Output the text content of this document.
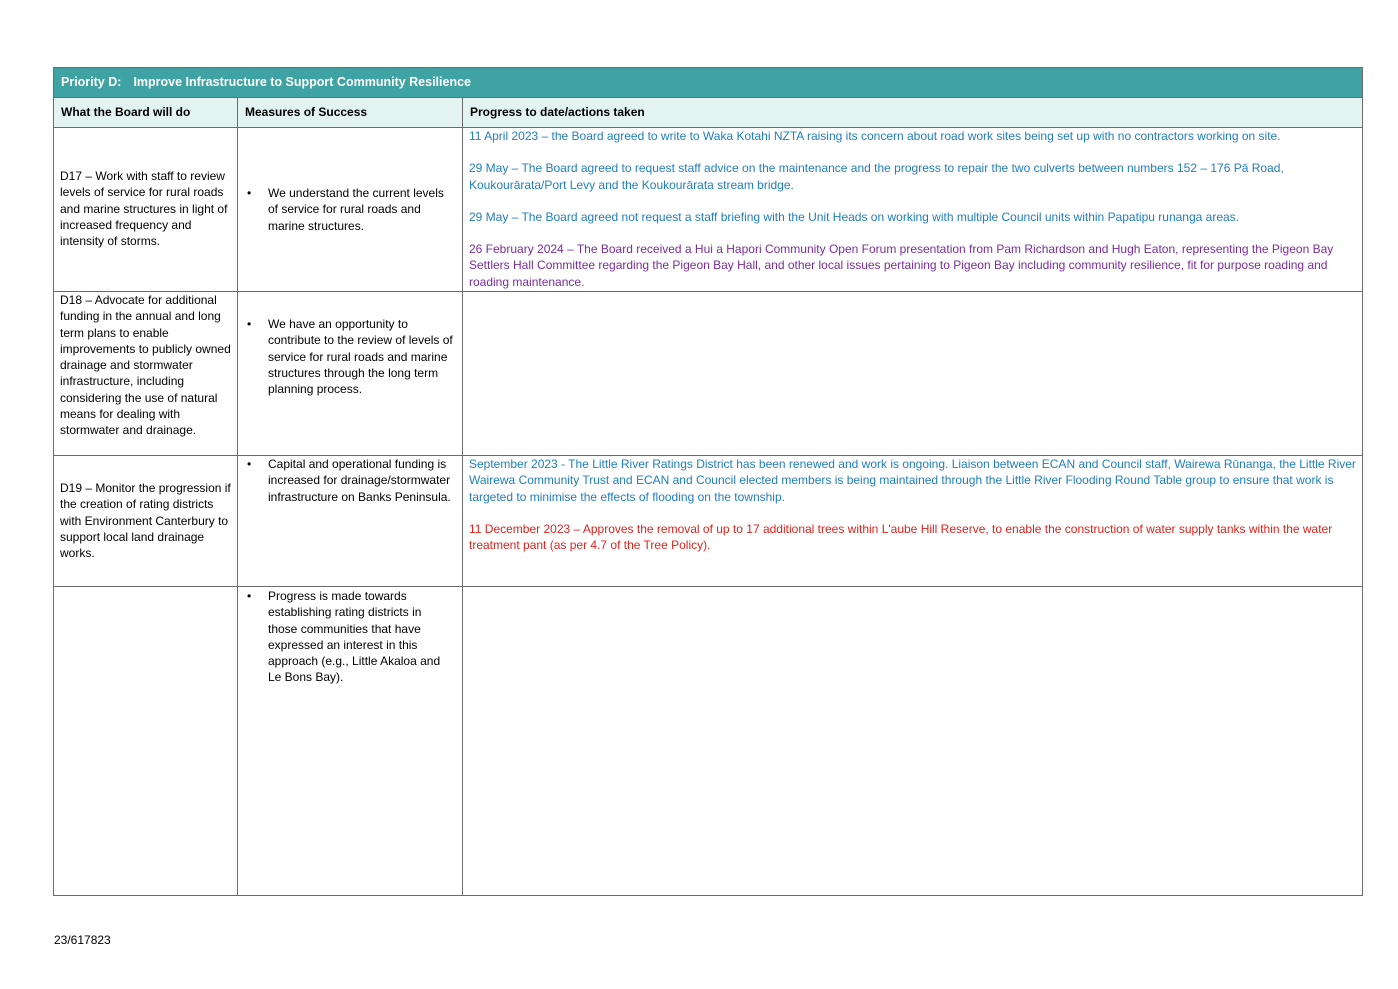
Priority D: Improve Infrastructure to Support Community Resilience		
What the Board will do	Measures of Success	Progress to date/actions taken

D17 – Work with staff to review levels of service for rural roads and marine structures in light of increased frequency and intensity of storms.	• We understand the current levels of service for rural roads and marine structures.	11 April 2023 – the Board agreed to write to Waka Kotahi NZTA raising its concern about road work sites being set up with no contractors working on site.

29 May – The Board agreed to request staff advice on the maintenance and the progress to repair the two culverts between numbers 152 – 176 Pā Road, Koukourārata/Port Levy and the Koukourārata stream bridge.

29 May – The Board agreed not request a staff briefing with the Unit Heads on working with multiple Council units within Papatipu runanga areas.

26 February 2024 – The Board received a Hui a Hapori Community Open Forum presentation from Pam Richardson and Hugh Eaton, representing the Pigeon Bay Settlers Hall Committee regarding the Pigeon Bay Hall, and other local issues pertaining to Pigeon Bay including community resilience, fit for purpose roading and roading maintenance.

D18 – Advocate for additional funding in the annual and long term plans to enable improvements to publicly owned drainage and stormwater infrastructure, including considering the use of natural means for dealing with stormwater and drainage.	• We have an opportunity to contribute to the review of levels of service for rural roads and marine structures through the long term planning process.

D19 – Monitor the progression if the creation of rating districts with Environment Canterbury to support local land drainage works.	• Capital and operational funding is increased for drainage/stormwater infrastructure on Banks Peninsula.	September 2023 - The Little River Ratings District has been renewed and work is ongoing. Liaison between ECAN and Council staff, Wairewa Rūnanga, the Little River Wairewa Community Trust and ECAN and Council elected members is being maintained through the Little River Flooding Round Table group to ensure that work is targeted to minimise the effects of flooding on the township.

11 December 2023 – Approves the removal of up to 17 additional trees within L'aube Hill Reserve, to enable the construction of water supply tanks within the water treatment pant (as per 4.7 of the Tree Policy).

	• Progress is made towards establishing rating districts in those communities that have expressed an interest in this approach (e.g., Little Akaloa and Le Bons Bay).

23/617823
